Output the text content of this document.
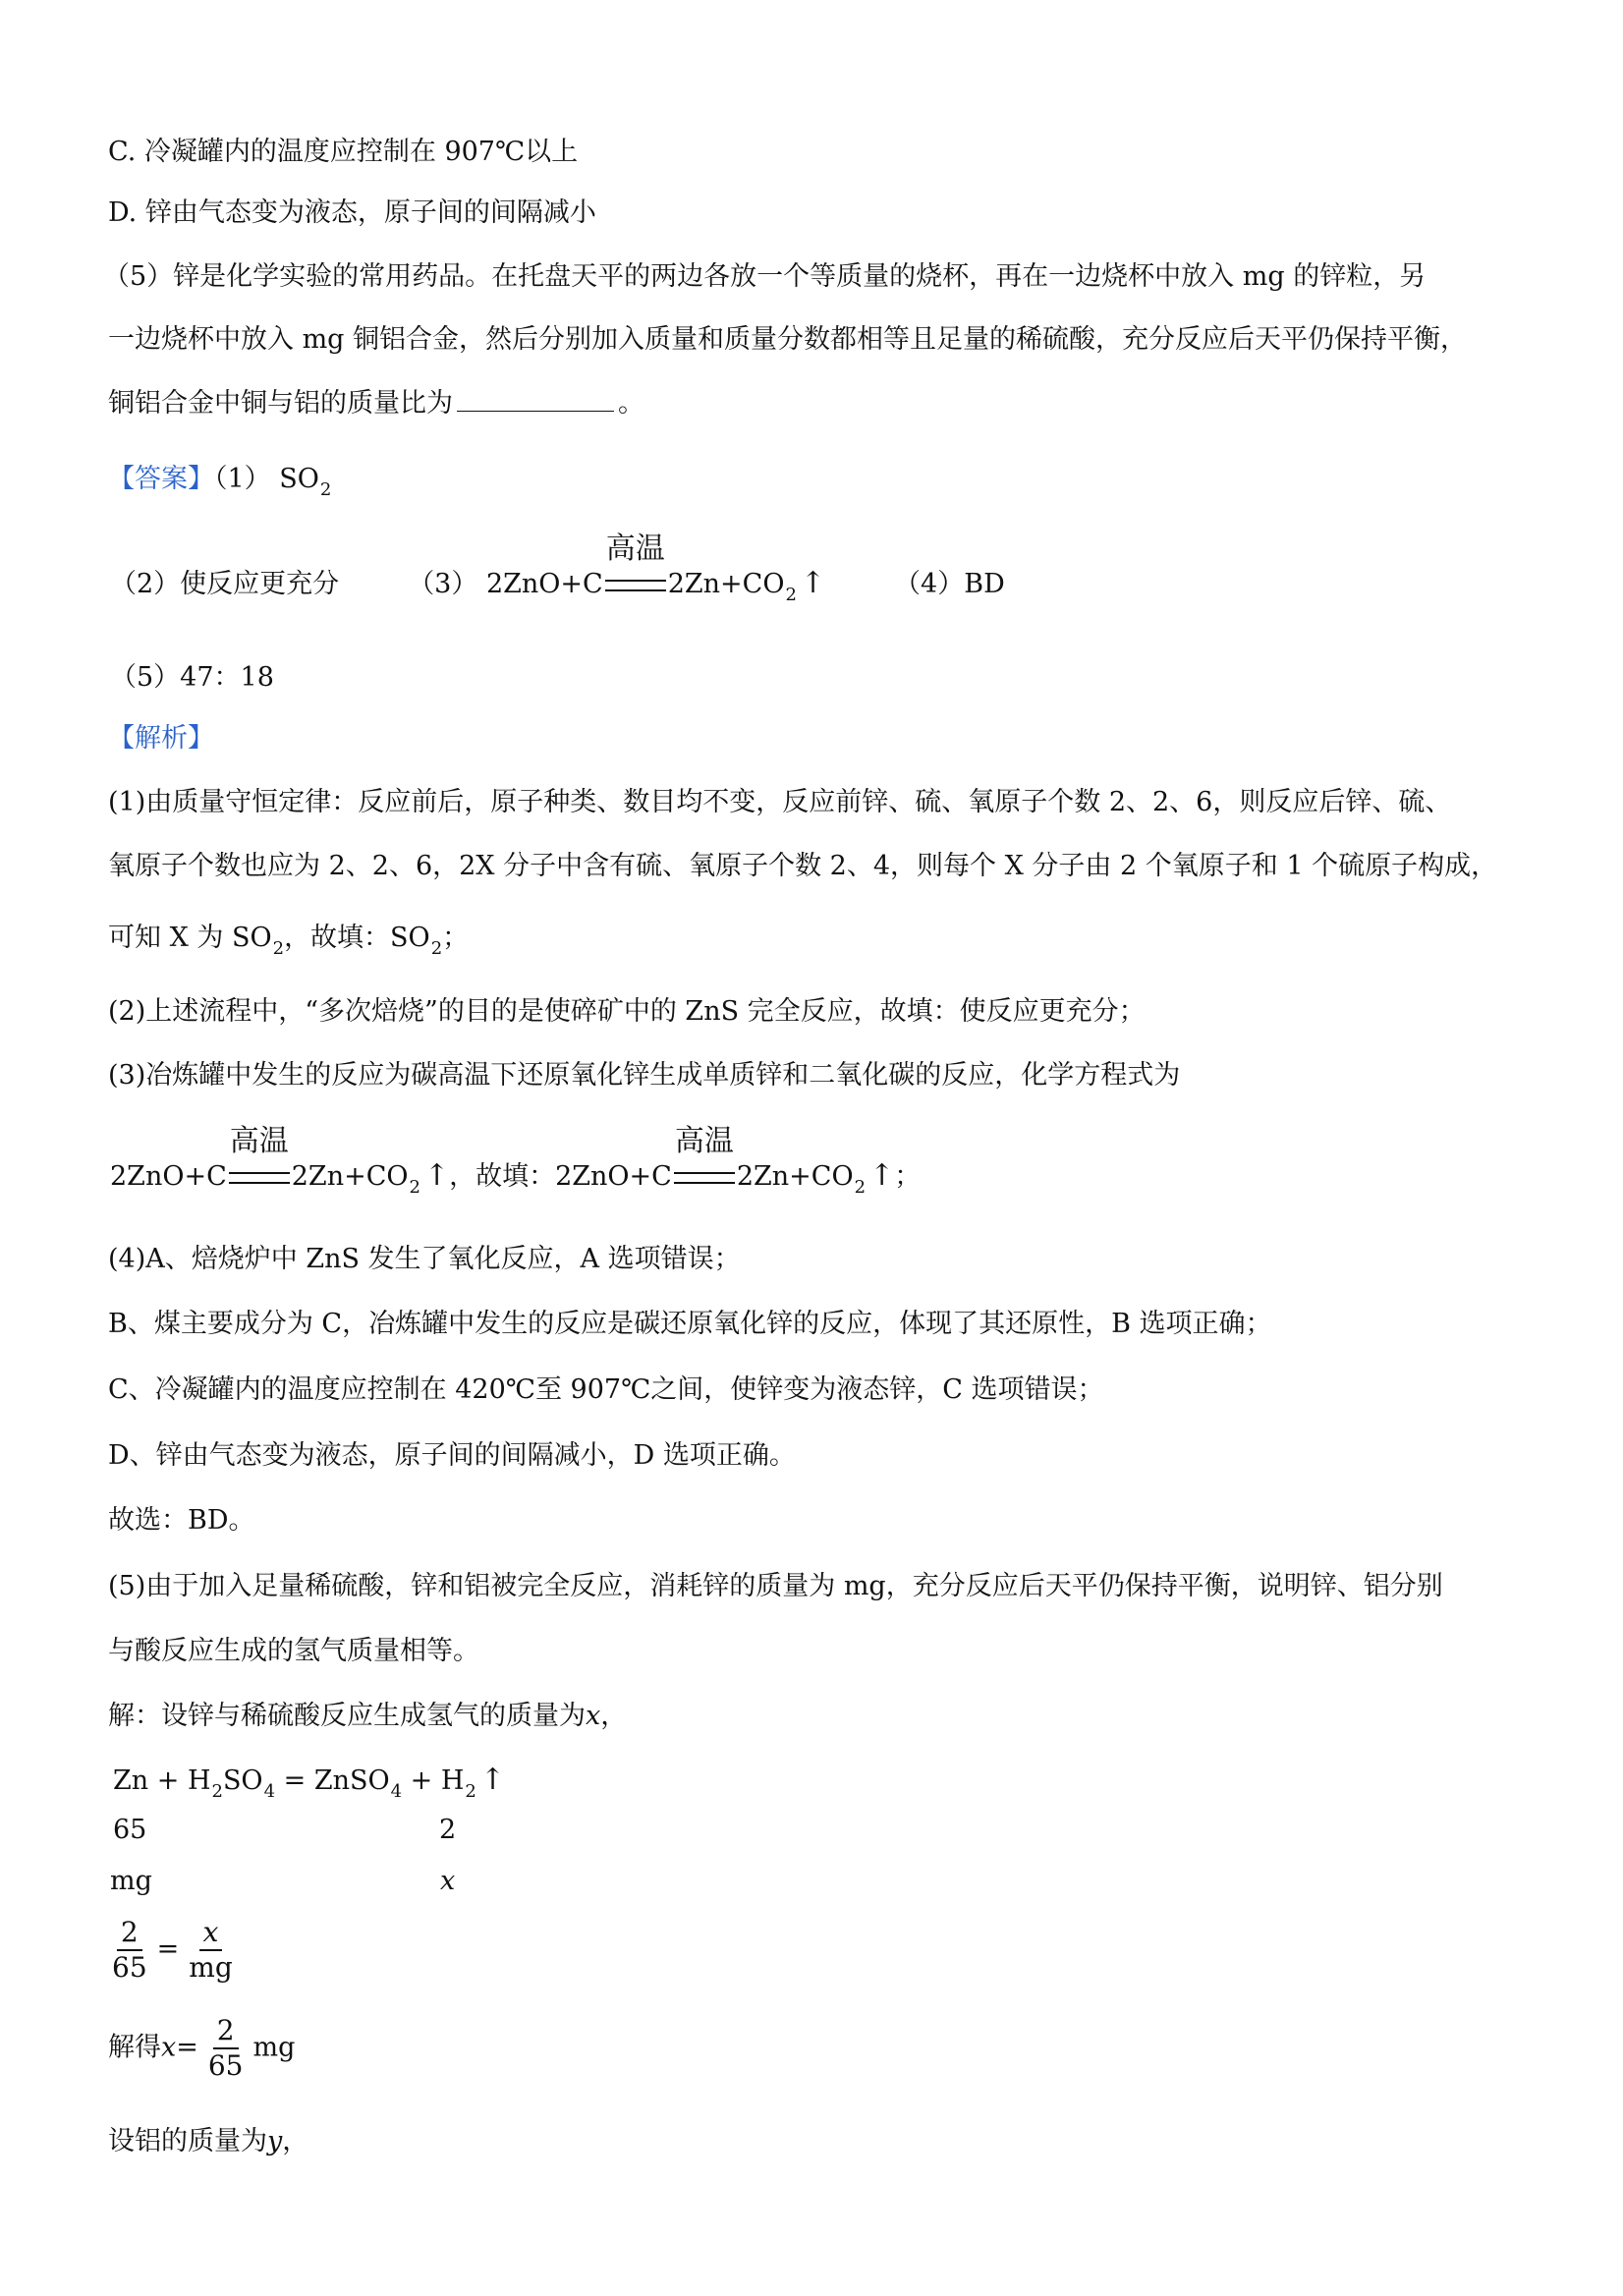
C. 冷凝罐内的温度应控制在 907℃以上
D. 锌由气态变为液态，原子间的间隔减小
（5）锌是化学实验的常用药品。在托盘天平的两边各放一个等质量的烧杯，再在一边烧杯中放入 mg 的锌粒，另
一边烧杯中放入 mg 铜铝合金，然后分别加入质量和质量分数都相等且足量的稀硫酸，充分反应后天平仍保持平衡，
铜铝合金中铜与铝的质量比为	。
【答案】（1） $SO_2$
（2）使反应更充分	（3） 2ZnO+C
高温
$2Zn+CO_2$ ↑	（4）BD
（5）47：18
【解析】
(1)由质量守恒定律：反应前后，原子种类、数目均不变，反应前锌、硫、氧原子个数 2、2、6，则反应后锌、硫、
氧原子个数也应为 2、2、6，2X 分子中含有硫、氧原子个数 2、4，则每个 X 分子由 2 个氧原子和 1 个硫原子构成，
可知 X 为 $SO_2$，故填：$SO_2$；
(2)上述流程中，“多次焙烧”的目的是使碎矿中的 ZnS 完全反应，故填：使反应更充分；
(3)冶炼罐中发生的反应为碳高温下还原氧化锌生成单质锌和二氧化碳的反应，化学方程式为
2ZnO+C
高温
$2Zn+CO_2$ ↑，故填：2ZnO+C
高温
$2Zn+CO_2$ ↑；
(4)A、焙烧炉中 ZnS 发生了氧化反应，A 选项错误；
B、煤主要成分为 C，冶炼罐中发生的反应是碳还原氧化锌的反应，体现了其还原性，B 选项正确；
C、冷凝罐内的温度应控制在 420℃至 907℃之间，使锌变为液态锌，C 选项错误；
D、锌由气态变为液态，原子间的间隔减小，D 选项正确。
故选：BD。
(5)由于加入足量稀硫酸，锌和铝被完全反应，消耗锌的质量为 mg，充分反应后天平仍保持平衡，说明锌、铝分别
与酸反应生成的氢气质量相等。
解：设锌与稀硫酸反应生成氢气的质量为x，
$Zn + H_2SO_4$ = ZnSO$_4$ + $H_2$ ↑
65	2
mg	x
$\frac{2}{65} = \frac{x}{mg}$
解得$x= \frac{2}{65}$ mg
设铝的质量为y，
